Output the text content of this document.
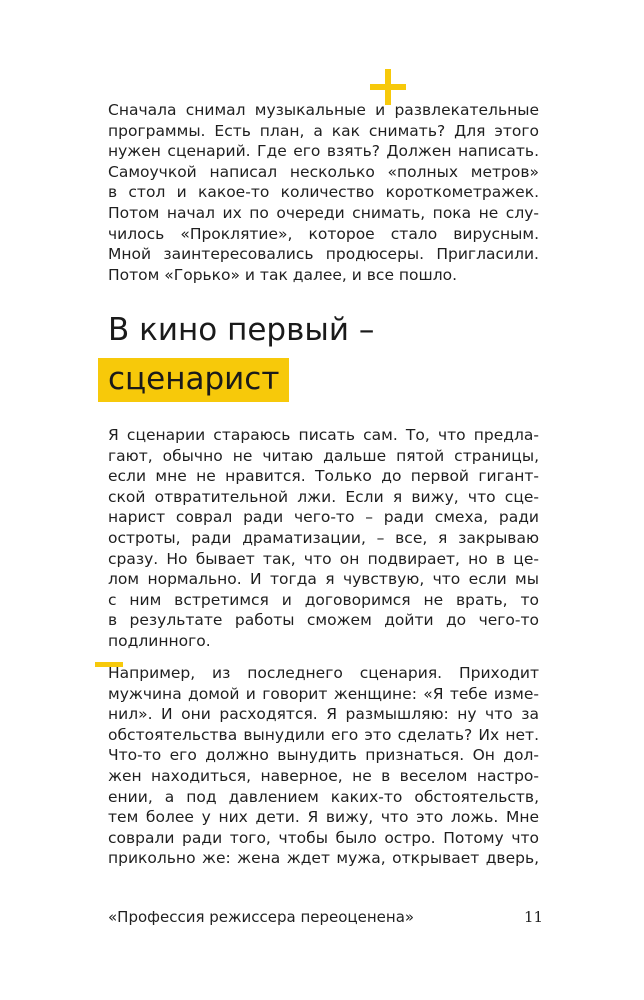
Сначала снимал музыкальные и развлекательные
программы. Есть план, а как снимать? Для этого
нужен сценарий. Где его взять? Должен написать.
Самоучкой написал несколько «полных метров»
в стол и какое-то количество короткометражек.
Потом начал их по очереди снимать, пока не слу-
чилось «Проклятие», которое стало вирусным.
Мной заинтересовались продюсеры. Пригласили.
Потом «Горько» и так далее, и все пошло.
В кино первый –
сценарист
Я сценарии стараюсь писать сам. То, что предла-
гают, обычно не читаю дальше пятой страницы,
если мне не нравится. Только до первой гигант-
ской отвратительной лжи. Если я вижу, что сце-
нарист соврал ради чего-то – ради смеха, ради
остроты, ради драматизации, – все, я закрываю
сразу. Но бывает так, что он подвирает, но в це-
лом нормально. И тогда я чувствую, что если мы
с ним встретимся и договоримся не врать, то
в результате работы сможем дойти до чего-то
подлинного.
Например, из последнего сценария. Приходит
мужчина домой и говорит женщине: «Я тебе изме-
нил». И они расходятся. Я размышляю: ну что за
обстоятельства вынудили его это сделать? Их нет.
Что-то его должно вынудить признаться. Он дол-
жен находиться, наверное, не в веселом настро-
ении, а под давлением каких-то обстоятельств,
тем более у них дети. Я вижу, что это ложь. Мне
соврали ради того, чтобы было остро. Потому что
прикольно же: жена ждет мужа, открывает дверь,
«Профессия режиссера переоценена»	11
